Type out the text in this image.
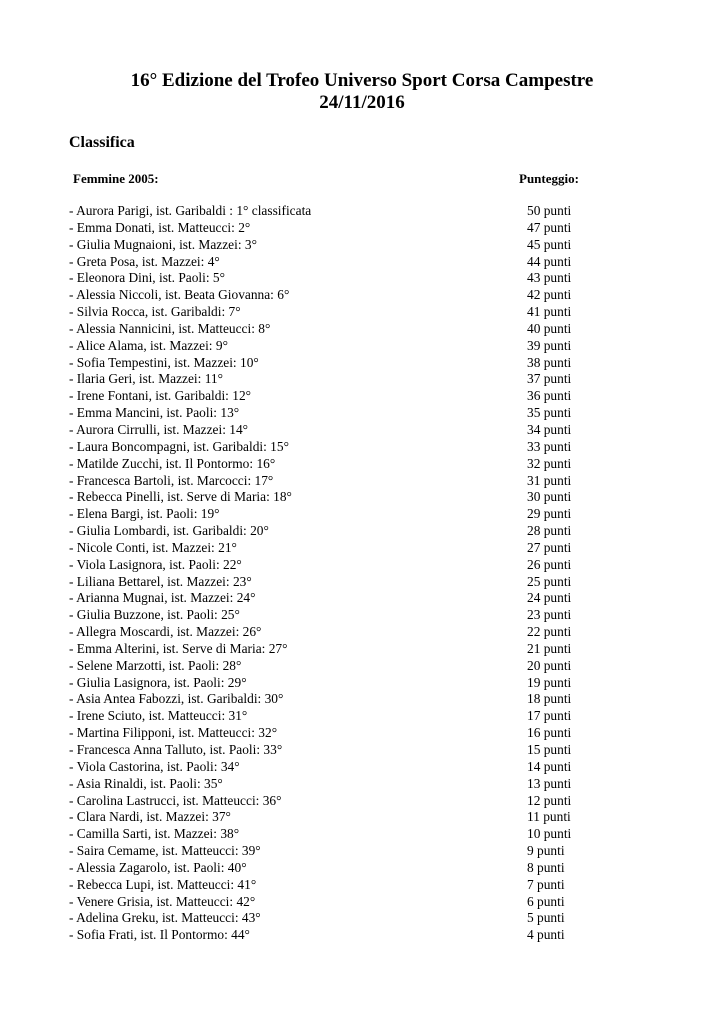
16° Edizione del Trofeo Universo Sport Corsa Campestre
24/11/2016
Classifica
Femmine 2005:	Punteggio:
- Aurora Parigi, ist. Garibaldi : 1° classificata	50 punti
- Emma Donati, ist. Matteucci: 2°	47 punti
- Giulia Mugnaioni, ist. Mazzei: 3°	45 punti
- Greta Posa, ist. Mazzei: 4°	44 punti
- Eleonora Dini, ist. Paoli: 5°	43 punti
- Alessia Niccoli, ist. Beata Giovanna: 6°	42 punti
- Silvia Rocca, ist. Garibaldi: 7°	41 punti
- Alessia Nannicini, ist. Matteucci: 8°	40 punti
- Alice Alama, ist. Mazzei: 9°	39 punti
- Sofia Tempestini, ist. Mazzei: 10°	38 punti
- Ilaria Geri, ist. Mazzei: 11°	37 punti
- Irene Fontani, ist. Garibaldi: 12°	36 punti
- Emma Mancini, ist. Paoli: 13°	35 punti
- Aurora Cirrulli, ist. Mazzei: 14°	34 punti
- Laura Boncompagni, ist. Garibaldi: 15°	33 punti
- Matilde Zucchi, ist. Il Pontormo: 16°	32 punti
- Francesca Bartoli, ist. Marcocci: 17°	31 punti
- Rebecca Pinelli, ist. Serve di Maria: 18°	30 punti
- Elena Bargi, ist. Paoli: 19°	29 punti
- Giulia Lombardi, ist. Garibaldi: 20°	28 punti
- Nicole Conti, ist. Mazzei: 21°	27 punti
- Viola Lasignora, ist. Paoli: 22°	26 punti
- Liliana Bettarel, ist. Mazzei: 23°	25 punti
- Arianna Mugnai, ist. Mazzei: 24°	24 punti
- Giulia Buzzone, ist. Paoli: 25°	23 punti
- Allegra Moscardi, ist. Mazzei: 26°	22 punti
- Emma Alterini, ist. Serve di Maria: 27°	21 punti
- Selene Marzotti, ist. Paoli: 28°	20 punti
- Giulia Lasignora, ist. Paoli: 29°	19 punti
- Asia Antea Fabozzi, ist. Garibaldi: 30°	18 punti
- Irene Sciuto, ist. Matteucci: 31°	17 punti
- Martina Filipponi, ist. Matteucci: 32°	16 punti
- Francesca Anna Talluto, ist. Paoli: 33°	15 punti
- Viola Castorina, ist. Paoli: 34°	14 punti
- Asia Rinaldi, ist. Paoli: 35°	13 punti
- Carolina Lastrucci, ist. Matteucci: 36°	12 punti
- Clara Nardi, ist. Mazzei: 37°	11 punti
- Camilla Sarti, ist. Mazzei: 38°	10 punti
- Saira Cemame, ist. Matteucci: 39°	9 punti
- Alessia Zagarolo, ist. Paoli: 40°	8 punti
- Rebecca Lupi, ist. Matteucci: 41°	7 punti
- Venere Grisia, ist. Matteucci: 42°	6 punti
- Adelina Greku, ist. Matteucci: 43°	5 punti
- Sofia Frati, ist. Il Pontormo: 44°	4 punti
